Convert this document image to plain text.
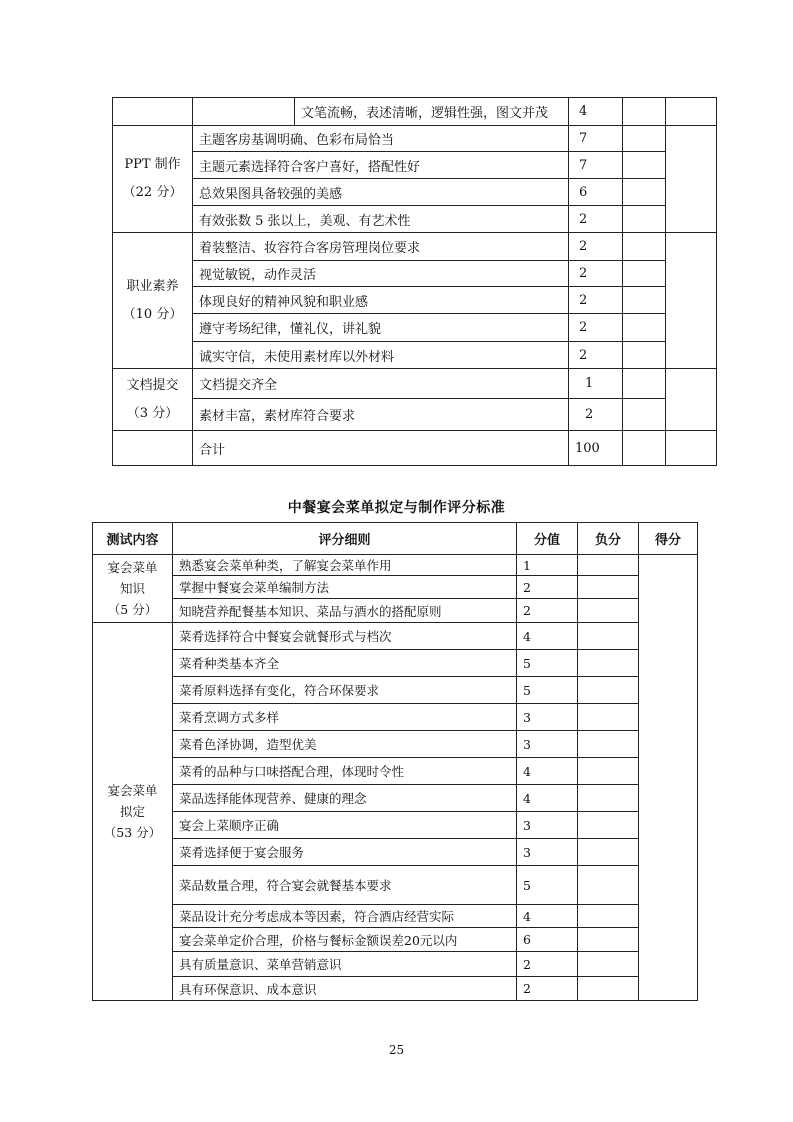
		文笔流畅，表述清晰，逻辑性强，图文并茂	4		

PPT 制作
（22 分）	主题客房基调明确、色彩布局恰当		7		
	主题元素选择符合客户喜好，搭配性好		7		
	总效果图具备较强的美感		6		
	有效张数 5 张以上，美观、有艺术性		2		

职业素养
（10 分）	着装整洁、妆容符合客房管理岗位要求		2		
	视觉敏锐，动作灵活		2		
	体现良好的精神风貌和职业感		2		
	遵守考场纪律，懂礼仪，讲礼貌		2		
	诚实守信，未使用素材库以外材料		2		

文档提交
（3 分）	文档提交齐全		1		
	素材丰富，素材库符合要求		2		
	合计		100		
中餐宴会菜单拟定与制作评分标准
测试内容	评分细则	分值	负分	得分

宴会菜单
知识
（5 分）	熟悉宴会菜单种类，了解宴会菜单作用	1		
	掌握中餐宴会菜单编制方法	2		
	知晓营养配餐基本知识、菜品与酒水的搭配原则	2		

宴会菜单
拟定
（53 分）	菜肴选择符合中餐宴会就餐形式与档次	4		
	菜肴种类基本齐全	5		
	菜肴原料选择有变化，符合环保要求	5		
	菜肴烹调方式多样	3		
	菜肴色泽协调，造型优美	3		
	菜肴的品种与口味搭配合理，体现时令性	4		
	菜品选择能体现营养、健康的理念	4		
	宴会上菜顺序正确	3		
	菜肴选择便于宴会服务	3		
	菜品数量合理，符合宴会就餐基本要求	5		
	菜品设计充分考虑成本等因素，符合酒店经营实际	4		
	宴会菜单定价合理，价格与餐标金额误差20元以内	6		
	具有质量意识、菜单营销意识	2		
	具有环保意识、成本意识	2		
25
